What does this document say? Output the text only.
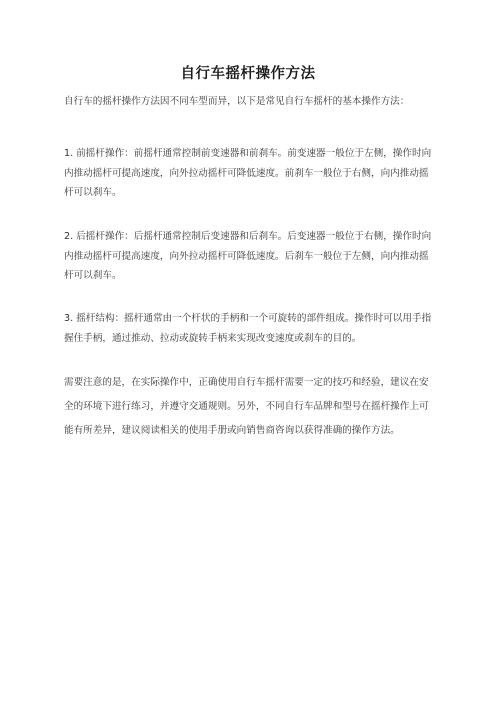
自行车摇杆操作方法

自行车的摇杆操作方法因不同车型而异，以下是常见自行车摇杆的基本操作方法：

1. 前摇杆操作：前摇杆通常控制前变速器和前刹车。前变速器一般位于左侧，操作时向内推动摇杆可提高速度，向外拉动摇杆可降低速度。前刹车一般位于右侧，向内推动摇杆可以刹车。

2. 后摇杆操作：后摇杆通常控制后变速器和后刹车。后变速器一般位于右侧，操作时向内推动摇杆可提高速度，向外拉动摇杆可降低速度。后刹车一般位于左侧，向内推动摇杆可以刹车。

3. 摇杆结构：摇杆通常由一个杆状的手柄和一个可旋转的部件组成。操作时可以用手指握住手柄，通过推动、拉动或旋转手柄来实现改变速度或刹车的目的。

需要注意的是，在实际操作中，正确使用自行车摇杆需要一定的技巧和经验，建议在安全的环境下进行练习，并遵守交通规则。另外，不同自行车品牌和型号在摇杆操作上可能有所差异，建议阅读相关的使用手册或向销售商咨询以获得准确的操作方法。
